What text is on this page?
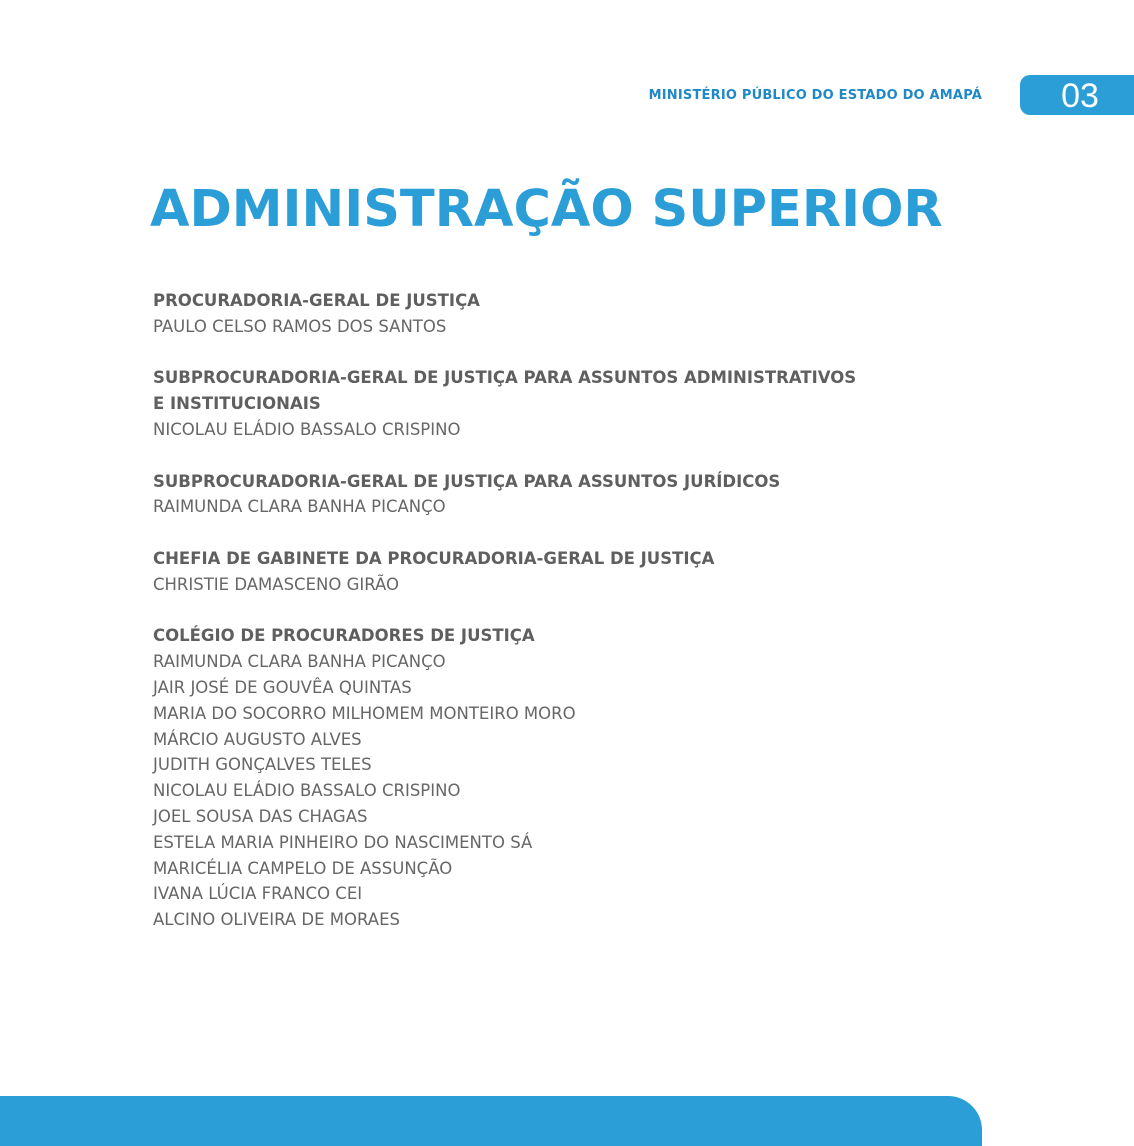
MINISTÉRIO PÚBLICO DO ESTADO DO AMAPÁ	03
ADMINISTRAÇÃO SUPERIOR
PROCURADORIA-GERAL DE JUSTIÇA
PAULO CELSO RAMOS DOS SANTOS
SUBPROCURADORIA-GERAL DE JUSTIÇA PARA ASSUNTOS ADMINISTRATIVOS E INSTITUCIONAIS
NICOLAU ELÁDIO BASSALO CRISPINO
SUBPROCURADORIA-GERAL DE JUSTIÇA PARA ASSUNTOS JURÍDICOS
RAIMUNDA CLARA BANHA PICANÇO
CHEFIA DE GABINETE DA PROCURADORIA-GERAL DE JUSTIÇA
CHRISTIE DAMASCENO GIRÃO
COLÉGIO DE PROCURADORES DE JUSTIÇA
RAIMUNDA CLARA BANHA PICANÇO
JAIR JOSÉ DE GOUVÊA QUINTAS
MARIA DO SOCORRO MILHOMEM MONTEIRO MORO
MÁRCIO AUGUSTO ALVES
JUDITH GONÇALVES TELES
NICOLAU ELÁDIO BASSALO CRISPINO
JOEL SOUSA DAS CHAGAS
ESTELA MARIA PINHEIRO DO NASCIMENTO SÁ
MARICÉLIA CAMPELO DE ASSUNÇÃO
IVANA LÚCIA FRANCO CEI
ALCINO OLIVEIRA DE MORAES
